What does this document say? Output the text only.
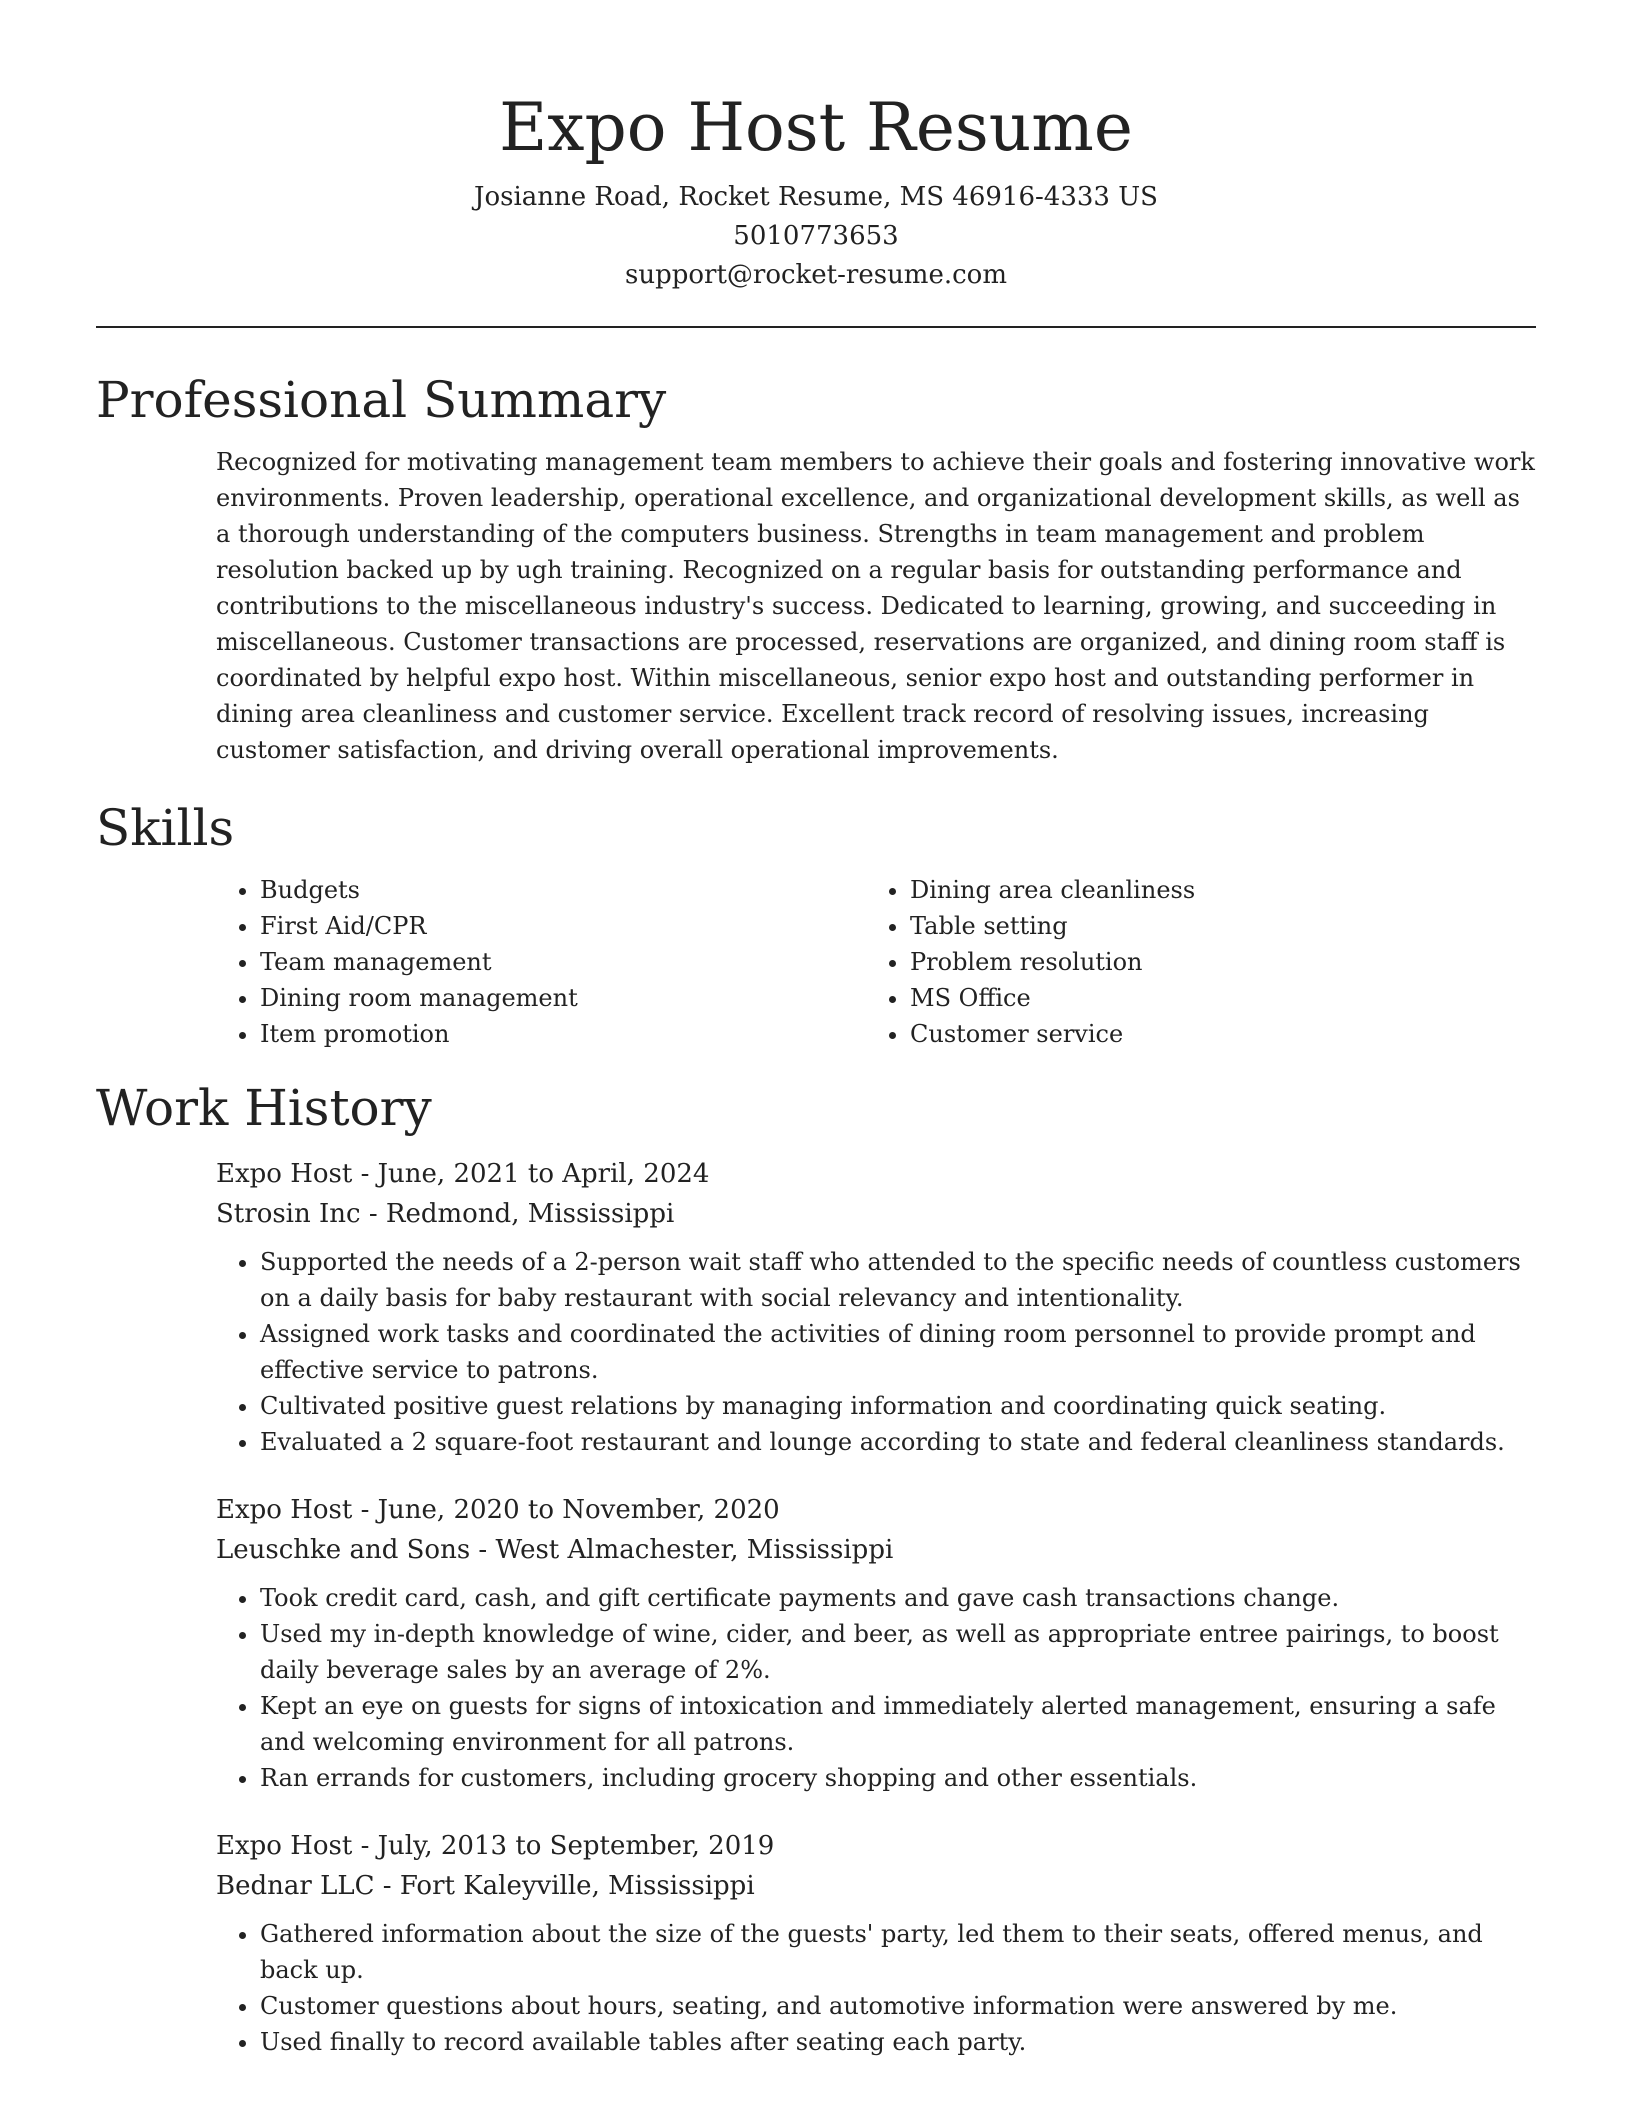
Expo Host Resume
Josianne Road, Rocket Resume, MS 46916-4333 US
5010773653
support@rocket-resume.com
Professional Summary

Recognized for motivating management team members to achieve their goals and fostering innovative work environments. Proven leadership, operational excellence, and organizational development skills, as well as a thorough understanding of the computers business. Strengths in team management and problem resolution backed up by ugh training. Recognized on a regular basis for outstanding performance and contributions to the miscellaneous industry's success. Dedicated to learning, growing, and succeeding in miscellaneous. Customer transactions are processed, reservations are organized, and dining room staff is coordinated by helpful expo host. Within miscellaneous, senior expo host and outstanding performer in dining area cleanliness and customer service. Excellent track record of resolving issues, increasing customer satisfaction, and driving overall operational improvements.

Skills
• Budgets
• First Aid/CPR
• Team management
• Dining room management
• Item promotion
• Dining area cleanliness
• Table setting
• Problem resolution
• MS Office
• Customer service
Work History
Expo Host - June, 2021 to April, 2024
Strosin Inc - Redmond, Mississippi
• Supported the needs of a 2-person wait staff who attended to the specific needs of countless customers on a daily basis for baby restaurant with social relevancy and intentionality.
• Assigned work tasks and coordinated the activities of dining room personnel to provide prompt and effective service to patrons.
• Cultivated positive guest relations by managing information and coordinating quick seating.
• Evaluated a 2 square-foot restaurant and lounge according to state and federal cleanliness standards.
Expo Host - June, 2020 to November, 2020
Leuschke and Sons - West Almachester, Mississippi
• Took credit card, cash, and gift certificate payments and gave cash transactions change.
• Used my in-depth knowledge of wine, cider, and beer, as well as appropriate entree pairings, to boost daily beverage sales by an average of 2%.
• Kept an eye on guests for signs of intoxication and immediately alerted management, ensuring a safe and welcoming environment for all patrons.
• Ran errands for customers, including grocery shopping and other essentials.
Expo Host - July, 2013 to September, 2019
Bednar LLC - Fort Kaleyville, Mississippi
• Gathered information about the size of the guests' party, led them to their seats, offered menus, and back up.
• Customer questions about hours, seating, and automotive information were answered by me.
• Used finally to record available tables after seating each party.
